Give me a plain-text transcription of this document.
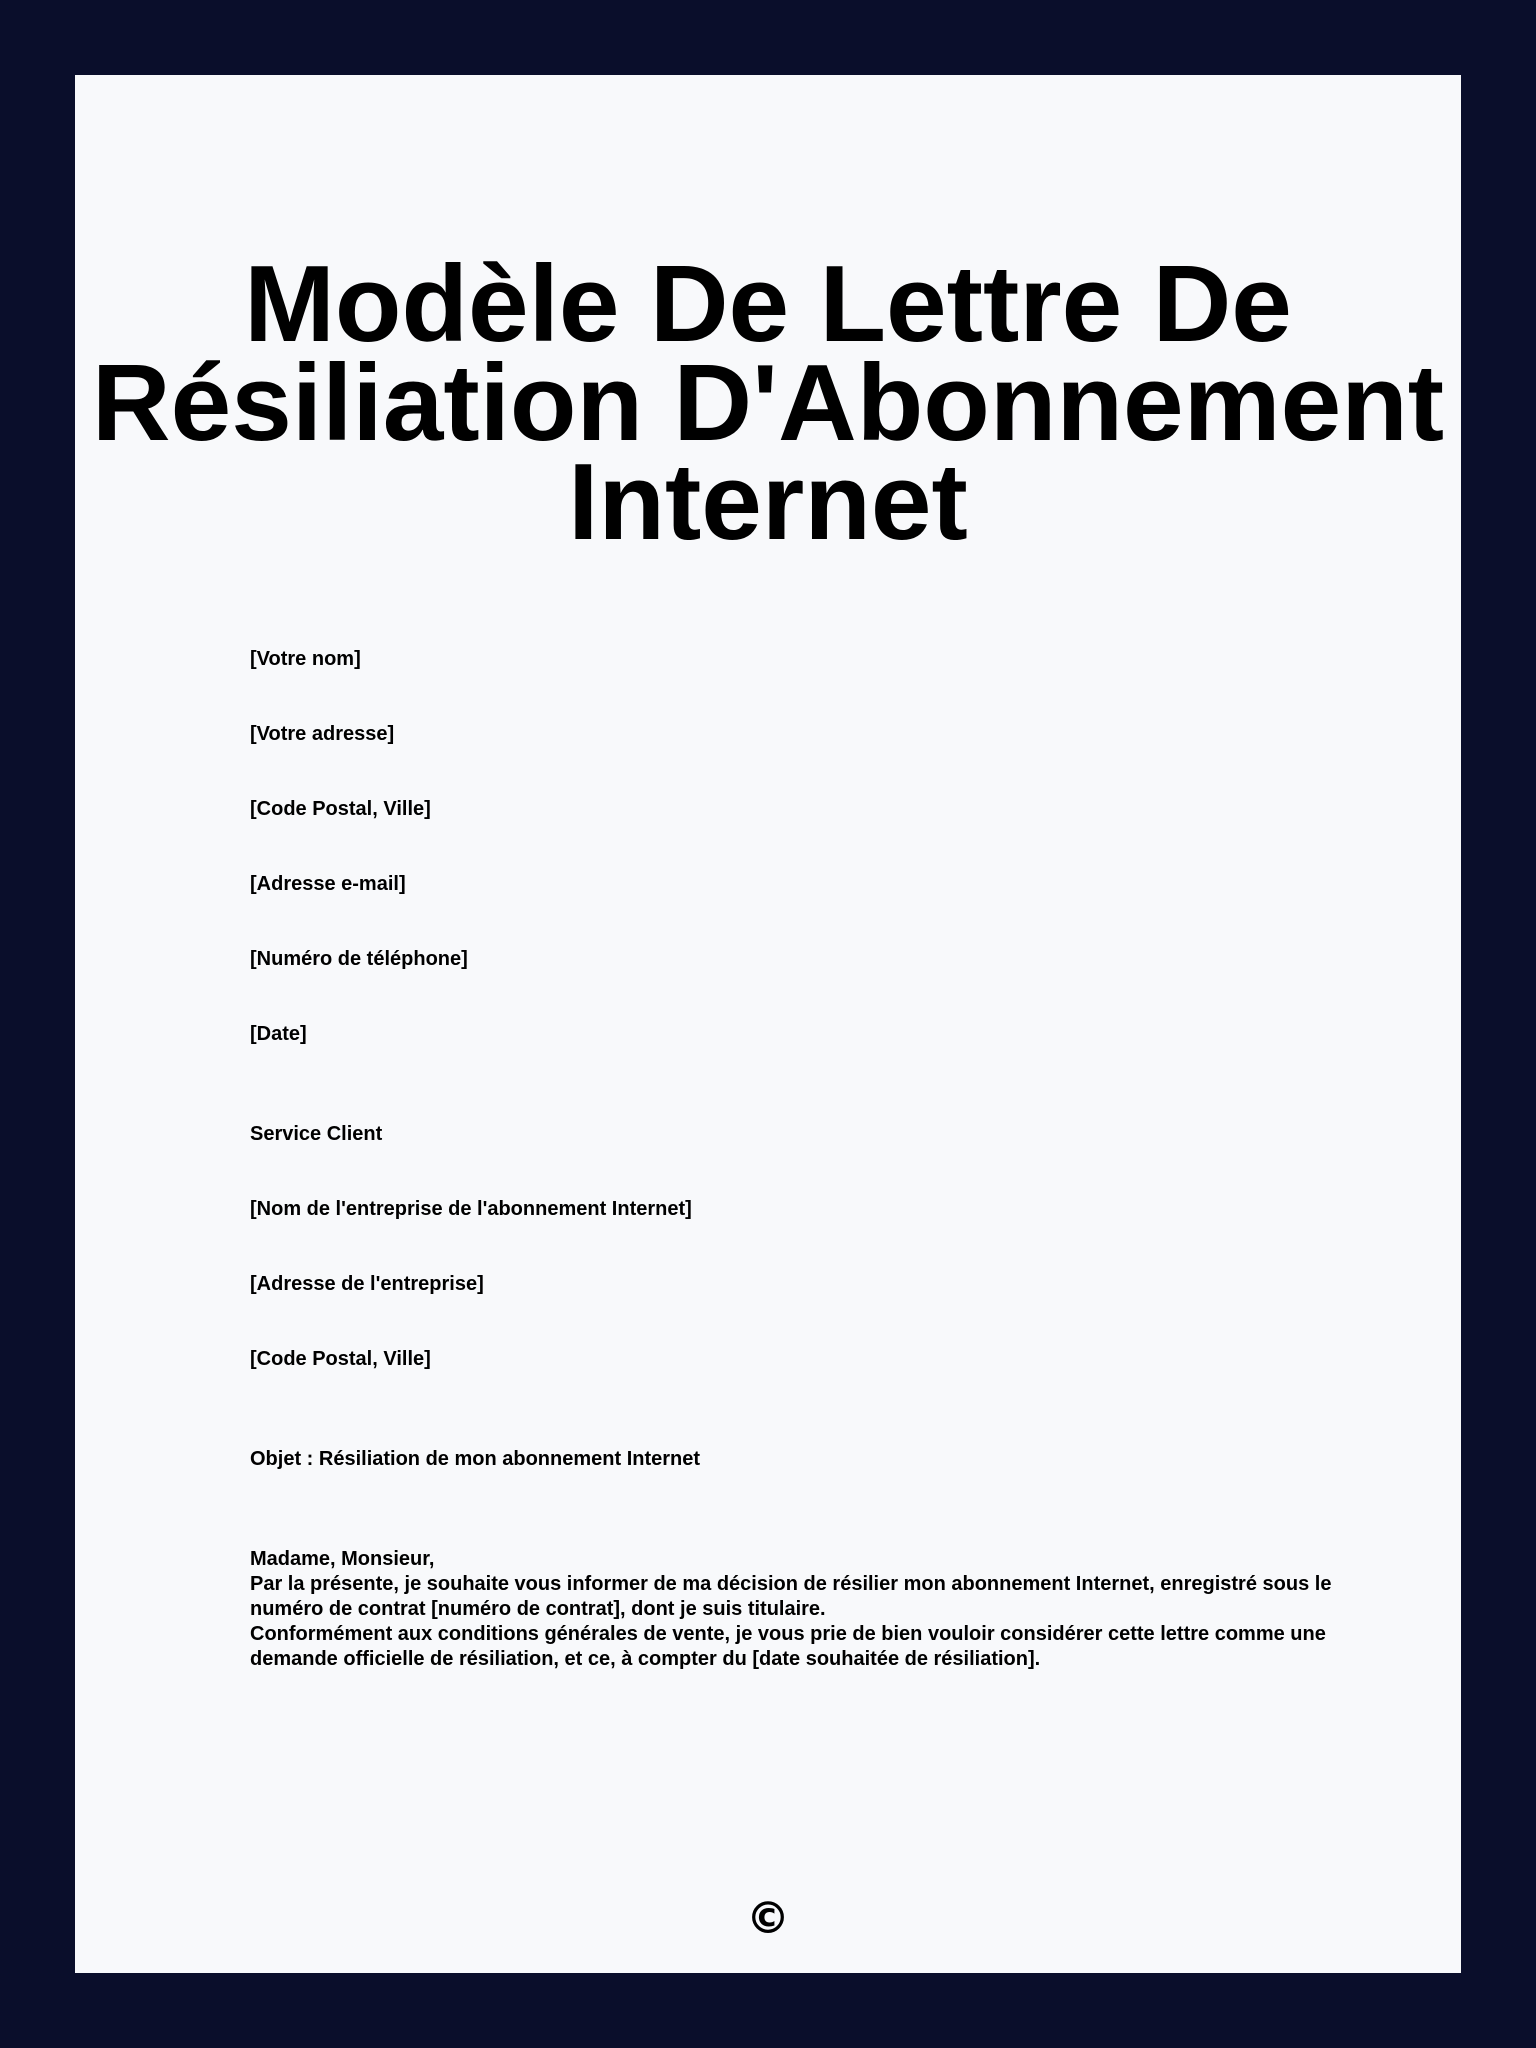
Modèle De Lettre De
Résiliation D'Abonnement
Internet

[Votre nom]

[Votre adresse]

[Code Postal, Ville]

[Adresse e-mail]

[Numéro de téléphone]

[Date]

Service Client

[Nom de l'entreprise de l'abonnement Internet]

[Adresse de l'entreprise]

[Code Postal, Ville]

Objet : Résiliation de mon abonnement Internet

Madame, Monsieur,

Par la présente, je souhaite vous informer de ma décision de résilier mon abonnement Internet, enregistré sous le numéro de contrat [numéro de contrat], dont je suis titulaire.

Conformément aux conditions générales de vente, je vous prie de bien vouloir considérer cette lettre comme une demande officielle de résiliation, et ce, à compter du [date souhaitée de résiliation].

©
